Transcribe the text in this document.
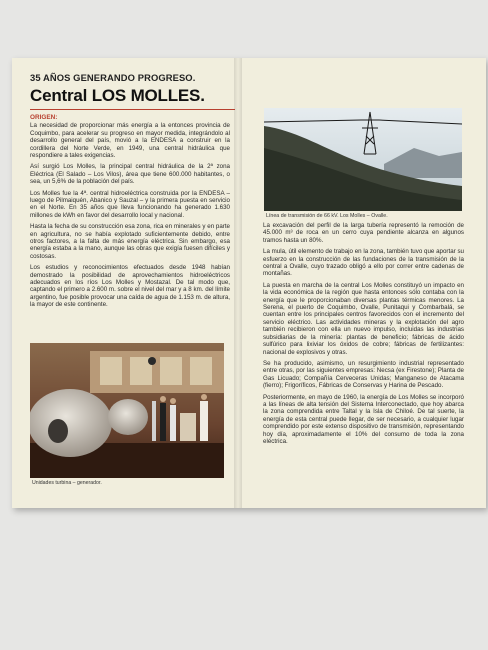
35 AÑOS GENERANDO PROGRESO.
Central LOS MOLLES.
ORIGEN:

La necesidad de proporcionar más energía a la entonces provincia de Coquimbo, para acelerar su progreso en mayor medida, integrándolo al desarrollo general del país, movió a la ENDESA a construir en la cordillera del Norte Verde, en 1949, una central hidráulica que respondiere a tales exigencias.

Así surgió Los Molles, la principal central hidráulica de la 2ª zona Eléctrica (El Salado – Los Vilos), área que tiene 600.000 habitantes, o sea, un 5,6% de la población del país.

Los Molles fue la 4ª. central hidroeléctrica construida por la ENDESA – luego de Pilmaiquén, Abanico y Sauzal – y la primera puesta en servicio en el Norte. En 35 años que lleva funcionando ha generado 1.630 millones de kWh en favor del desarrollo local y nacional.

Hasta la fecha de su construcción esa zona, rica en minerales y en parte en agricultura, no se había explotado suficientemente debido, entre otros factores, a la falta de más energía eléctrica. Sin embargo, esa energía estaba a la mano, aunque las obras que exigía fuesen difíciles y costosas.

Los estudios y reconocimientos efectuados desde 1948 habían demostrado la posibilidad de aprovechamientos hidroeléctricos adecuados en los ríos Los Molles y Mostazal. De tal modo que, captando el primero a 2.600 m. sobre el nivel del mar y a 8 km. del límite argentino, fue posible provocar una caída de agua de 1.153 m. de altura, la mayor de este continente.

Unidades turbina – generador.
Línea de transmisión de 66 kV. Los Molles – Ovalle.

La excavación del perfil de la larga tubería representó la remoción de 45.000 m³ de roca en un cerro cuya pendiente alcanza en algunos tramos hasta un 80%.

La mula, útil elemento de trabajo en la zona, también tuvo que aportar su esfuerzo en la construcción de las fundaciones de la transmisión de la central a Ovalle, cuyo trazado obligó a ello por correr entre cadenas de montañas.

La puesta en marcha de la central Los Molles constituyó un impacto en la vida económica de la región que hasta entonces sólo contaba con la energía que le proporcionaban diversas plantas térmicas menores. La Serena, el puerto de Coquimbo, Ovalle, Punitaqui y Combarbalá, se cuentan entre los principales centros favorecidos con el incremento del servicio eléctrico. Las actividades mineras y la explotación del agro también recibieron con ella un nuevo impulso, incluidas las industrias subsidiarias de la minería: plantas de beneficio; fábricas de ácido sulfúrico para lixiviar los óxidos de cobre; fábricas de fertilizantes: nacional de explosivos y otras.

Se ha producido, asimismo, un resurgimiento industrial representado entre otras, por las siguientes empresas: Necsa (ex Firestone); Planta de Gas Licuado; Compañía Cerveceras Unidas; Manganeso de Atacama (fierro); Frigoríficos, Fábricas de Conservas y Harina de Pescado.

Posteriormente, en mayo de 1960, la energía de Los Molles se incorporó a las líneas de alta tensión del Sistema Interconectado, que hoy abarca la zona comprendida entre Taltal y la Isla de Chiloé. De tal suerte, la energía de esta central puede llegar, de ser necesario, a cualquier lugar comprendido por este extenso dispositivo de transmisión, representando hoy día, aproximadamente el 10% del consumo de toda la zona eléctrica.
